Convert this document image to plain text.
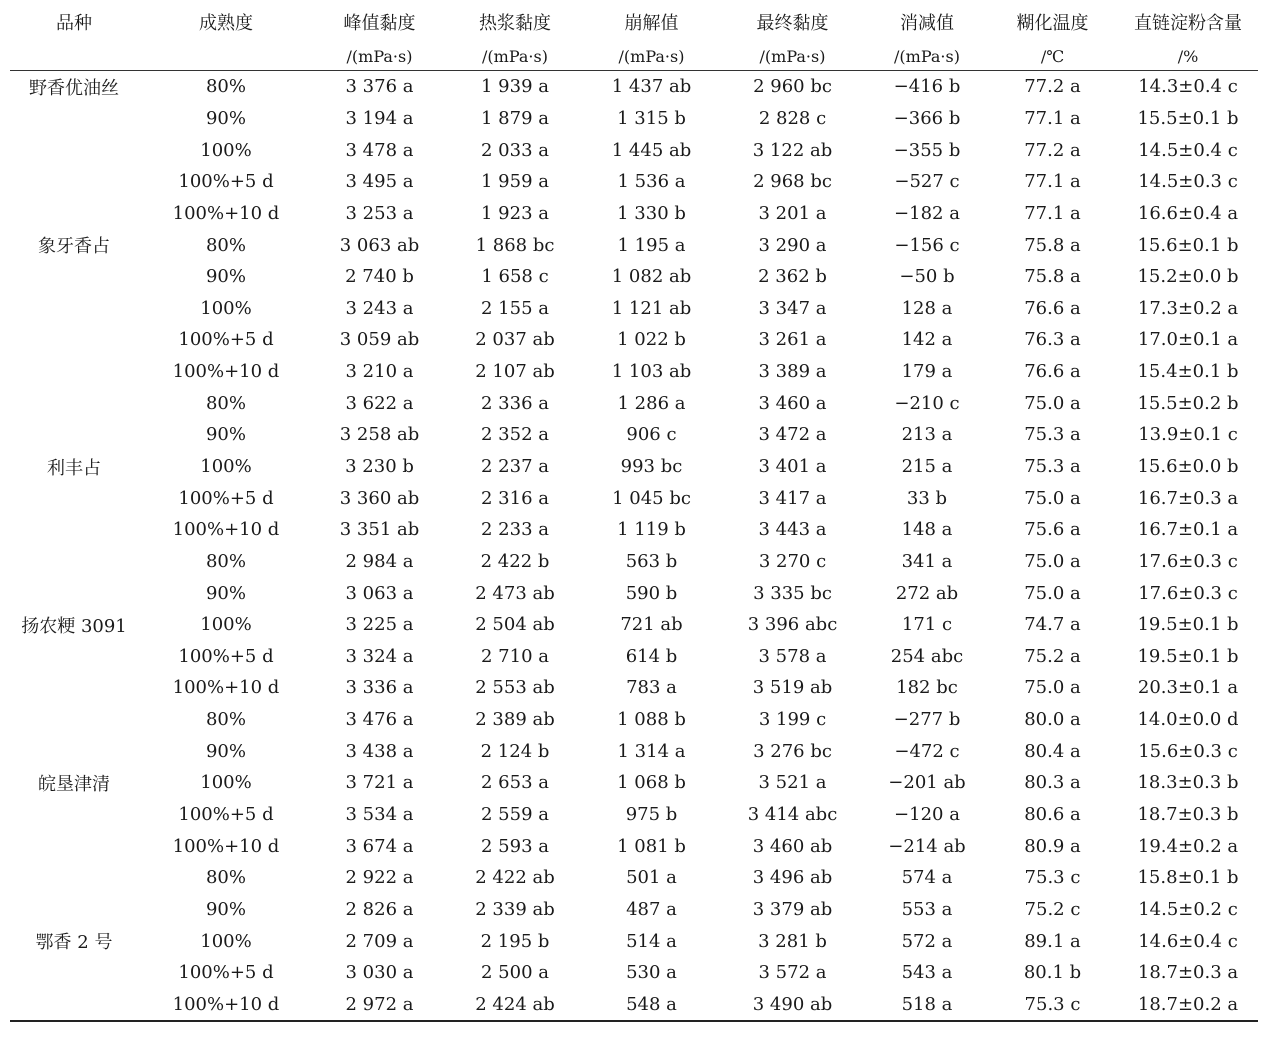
品种	成熟度	峰值黏度	热浆黏度	崩解值	最终黏度	消减值	糊化温度	直链淀粉含量
		/(mPa·s)	/(mPa·s)	/(mPa·s)	/(mPa·s)	/(mPa·s)	/℃	/%
野香优油丝	80%	3 376 a	1 939 a	1 437 ab	2 960 bc	−416 b	77.2 a	14.3±0.4 c
	90%	3 194 a	1 879 a	1 315 b	2 828 c	−366 b	77.1 a	15.5±0.1 b
	100%	3 478 a	2 033 a	1 445 ab	3 122 ab	−355 b	77.2 a	14.5±0.4 c
	100%+5 d	3 495 a	1 959 a	1 536 a	2 968 bc	−527 c	77.1 a	14.5±0.3 c
	100%+10 d	3 253 a	1 923 a	1 330 b	3 201 a	−182 a	77.1 a	16.6±0.4 a
象牙香占	80%	3 063 ab	1 868 bc	1 195 a	3 290 a	−156 c	75.8 a	15.6±0.1 b
	90%	2 740 b	1 658 c	1 082 ab	2 362 b	−50 b	75.8 a	15.2±0.0 b
	100%	3 243 a	2 155 a	1 121 ab	3 347 a	128 a	76.6 a	17.3±0.2 a
	100%+5 d	3 059 ab	2 037 ab	1 022 b	3 261 a	142 a	76.3 a	17.0±0.1 a
	100%+10 d	3 210 a	2 107 ab	1 103 ab	3 389 a	179 a	76.6 a	15.4±0.1 b
	80%	3 622 a	2 336 a	1 286 a	3 460 a	−210 c	75.0 a	15.5±0.2 b
	90%	3 258 ab	2 352 a	906 c	3 472 a	213 a	75.3 a	13.9±0.1 c
利丰占	100%	3 230 b	2 237 a	993 bc	3 401 a	215 a	75.3 a	15.6±0.0 b
	100%+5 d	3 360 ab	2 316 a	1 045 bc	3 417 a	33 b	75.0 a	16.7±0.3 a
	100%+10 d	3 351 ab	2 233 a	1 119 b	3 443 a	148 a	75.6 a	16.7±0.1 a
	80%	2 984 a	2 422 b	563 b	3 270 c	341 a	75.0 a	17.6±0.3 c
	90%	3 063 a	2 473 ab	590 b	3 335 bc	272 ab	75.0 a	17.6±0.3 c
扬农粳 3091	100%	3 225 a	2 504 ab	721 ab	3 396 abc	171 c	74.7 a	19.5±0.1 b
	100%+5 d	3 324 a	2 710 a	614 b	3 578 a	254 abc	75.2 a	19.5±0.1 b
	100%+10 d	3 336 a	2 553 ab	783 a	3 519 ab	182 bc	75.0 a	20.3±0.1 a
	80%	3 476 a	2 389 ab	1 088 b	3 199 c	−277 b	80.0 a	14.0±0.0 d
	90%	3 438 a	2 124 b	1 314 a	3 276 bc	−472 c	80.4 a	15.6±0.3 c
皖垦津清	100%	3 721 a	2 653 a	1 068 b	3 521 a	−201 ab	80.3 a	18.3±0.3 b
	100%+5 d	3 534 a	2 559 a	975 b	3 414 abc	−120 a	80.6 a	18.7±0.3 b
	100%+10 d	3 674 a	2 593 a	1 081 b	3 460 ab	−214 ab	80.9 a	19.4±0.2 a
	80%	2 922 a	2 422 ab	501 a	3 496 ab	574 a	75.3 c	15.8±0.1 b
	90%	2 826 a	2 339 ab	487 a	3 379 ab	553 a	75.2 c	14.5±0.2 c
鄂香 2 号	100%	2 709 a	2 195 b	514 a	3 281 b	572 a	89.1 a	14.6±0.4 c
	100%+5 d	3 030 a	2 500 a	530 a	3 572 a	543 a	80.1 b	18.7±0.3 a
	100%+10 d	2 972 a	2 424 ab	548 a	3 490 ab	518 a	75.3 c	18.7±0.2 a
